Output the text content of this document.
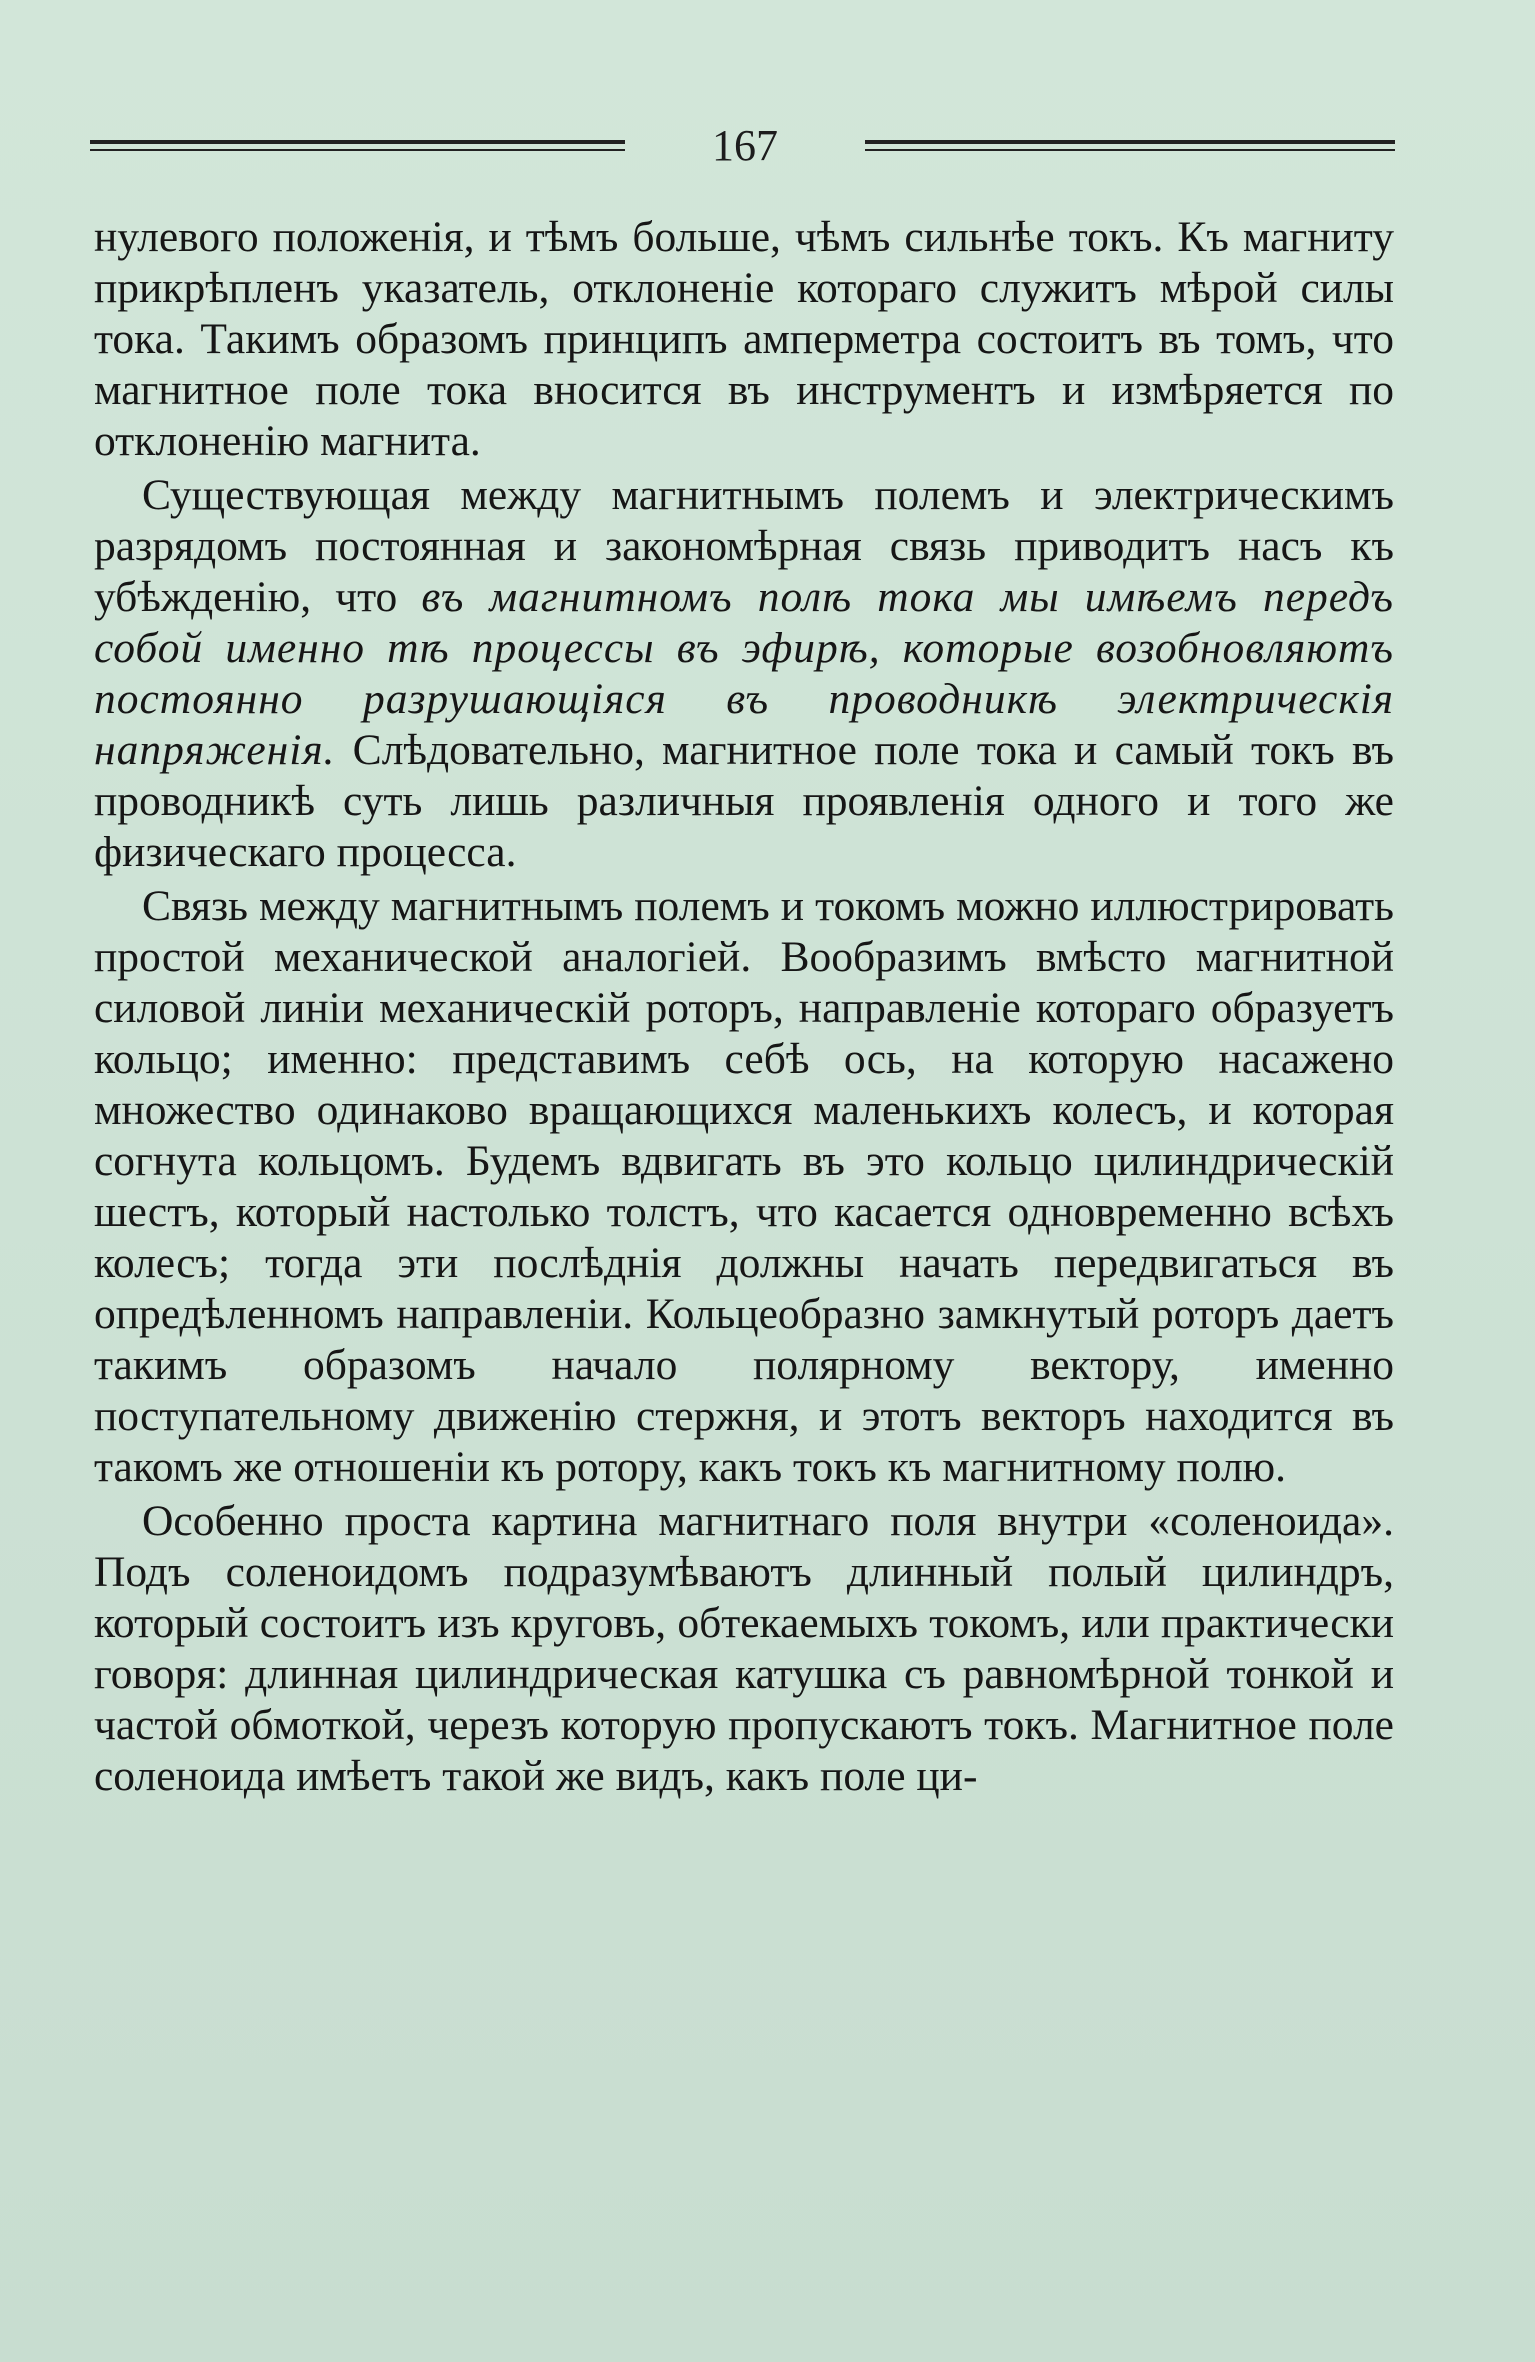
167

нулевого положенія, и тѣмъ больше, чѣмъ сильнѣе токъ. Къ магниту прикрѣпленъ указатель, отклоненіе котораго служитъ мѣрой силы тока. Такимъ образомъ принципъ амперметра состоитъ въ томъ, что магнитное поле тока вносится въ инструментъ и измѣряется по отклоненію магнита.

Существующая между магнитнымъ полемъ и электрическимъ разрядомъ постоянная и закономѣрная связь приводитъ насъ къ убѣжденію, что въ магнитномъ полѣ тока мы имѣемъ передъ собой именно тѣ процессы въ эфирѣ, которые возобновляютъ постоянно разрушающіяся въ проводникѣ электрическія напряженія. Слѣдовательно, магнитное поле тока и самый токъ въ проводникѣ суть лишь различныя проявленія одного и того же физическаго процесса.

Связь между магнитнымъ полемъ и токомъ можно иллюстрировать простой механической аналогіей. Вообразимъ вмѣсто магнитной силовой линіи механическій роторъ, направленіе котораго образуетъ кольцо; именно: представимъ себѣ ось, на которую насажено множество одинаково вращающихся маленькихъ колесъ, и которая согнута кольцомъ. Будемъ вдвигать въ это кольцо цилиндрическій шестъ, который настолько толстъ, что касается одновременно всѣхъ колесъ; тогда эти послѣднія должны начать передвигаться въ опредѣленномъ направленіи. Кольцеобразно замкнутый роторъ даетъ такимъ образомъ начало полярному вектору, именно поступательному движенію стержня, и этотъ векторъ находится въ такомъ же отношеніи къ ротору, какъ токъ къ магнитному полю.

Особенно проста картина магнитнаго поля внутри «соленоида». Подъ соленоидомъ подразумѣваютъ длинный полый цилиндръ, который состоитъ изъ круговъ, обтекаемыхъ токомъ, или практически говоря: длинная цилиндрическая катушка съ равномѣрной тонкой и частой обмоткой, черезъ которую пропускаютъ токъ. Магнитное поле соленоида имѣетъ такой же видъ, какъ поле ци-
